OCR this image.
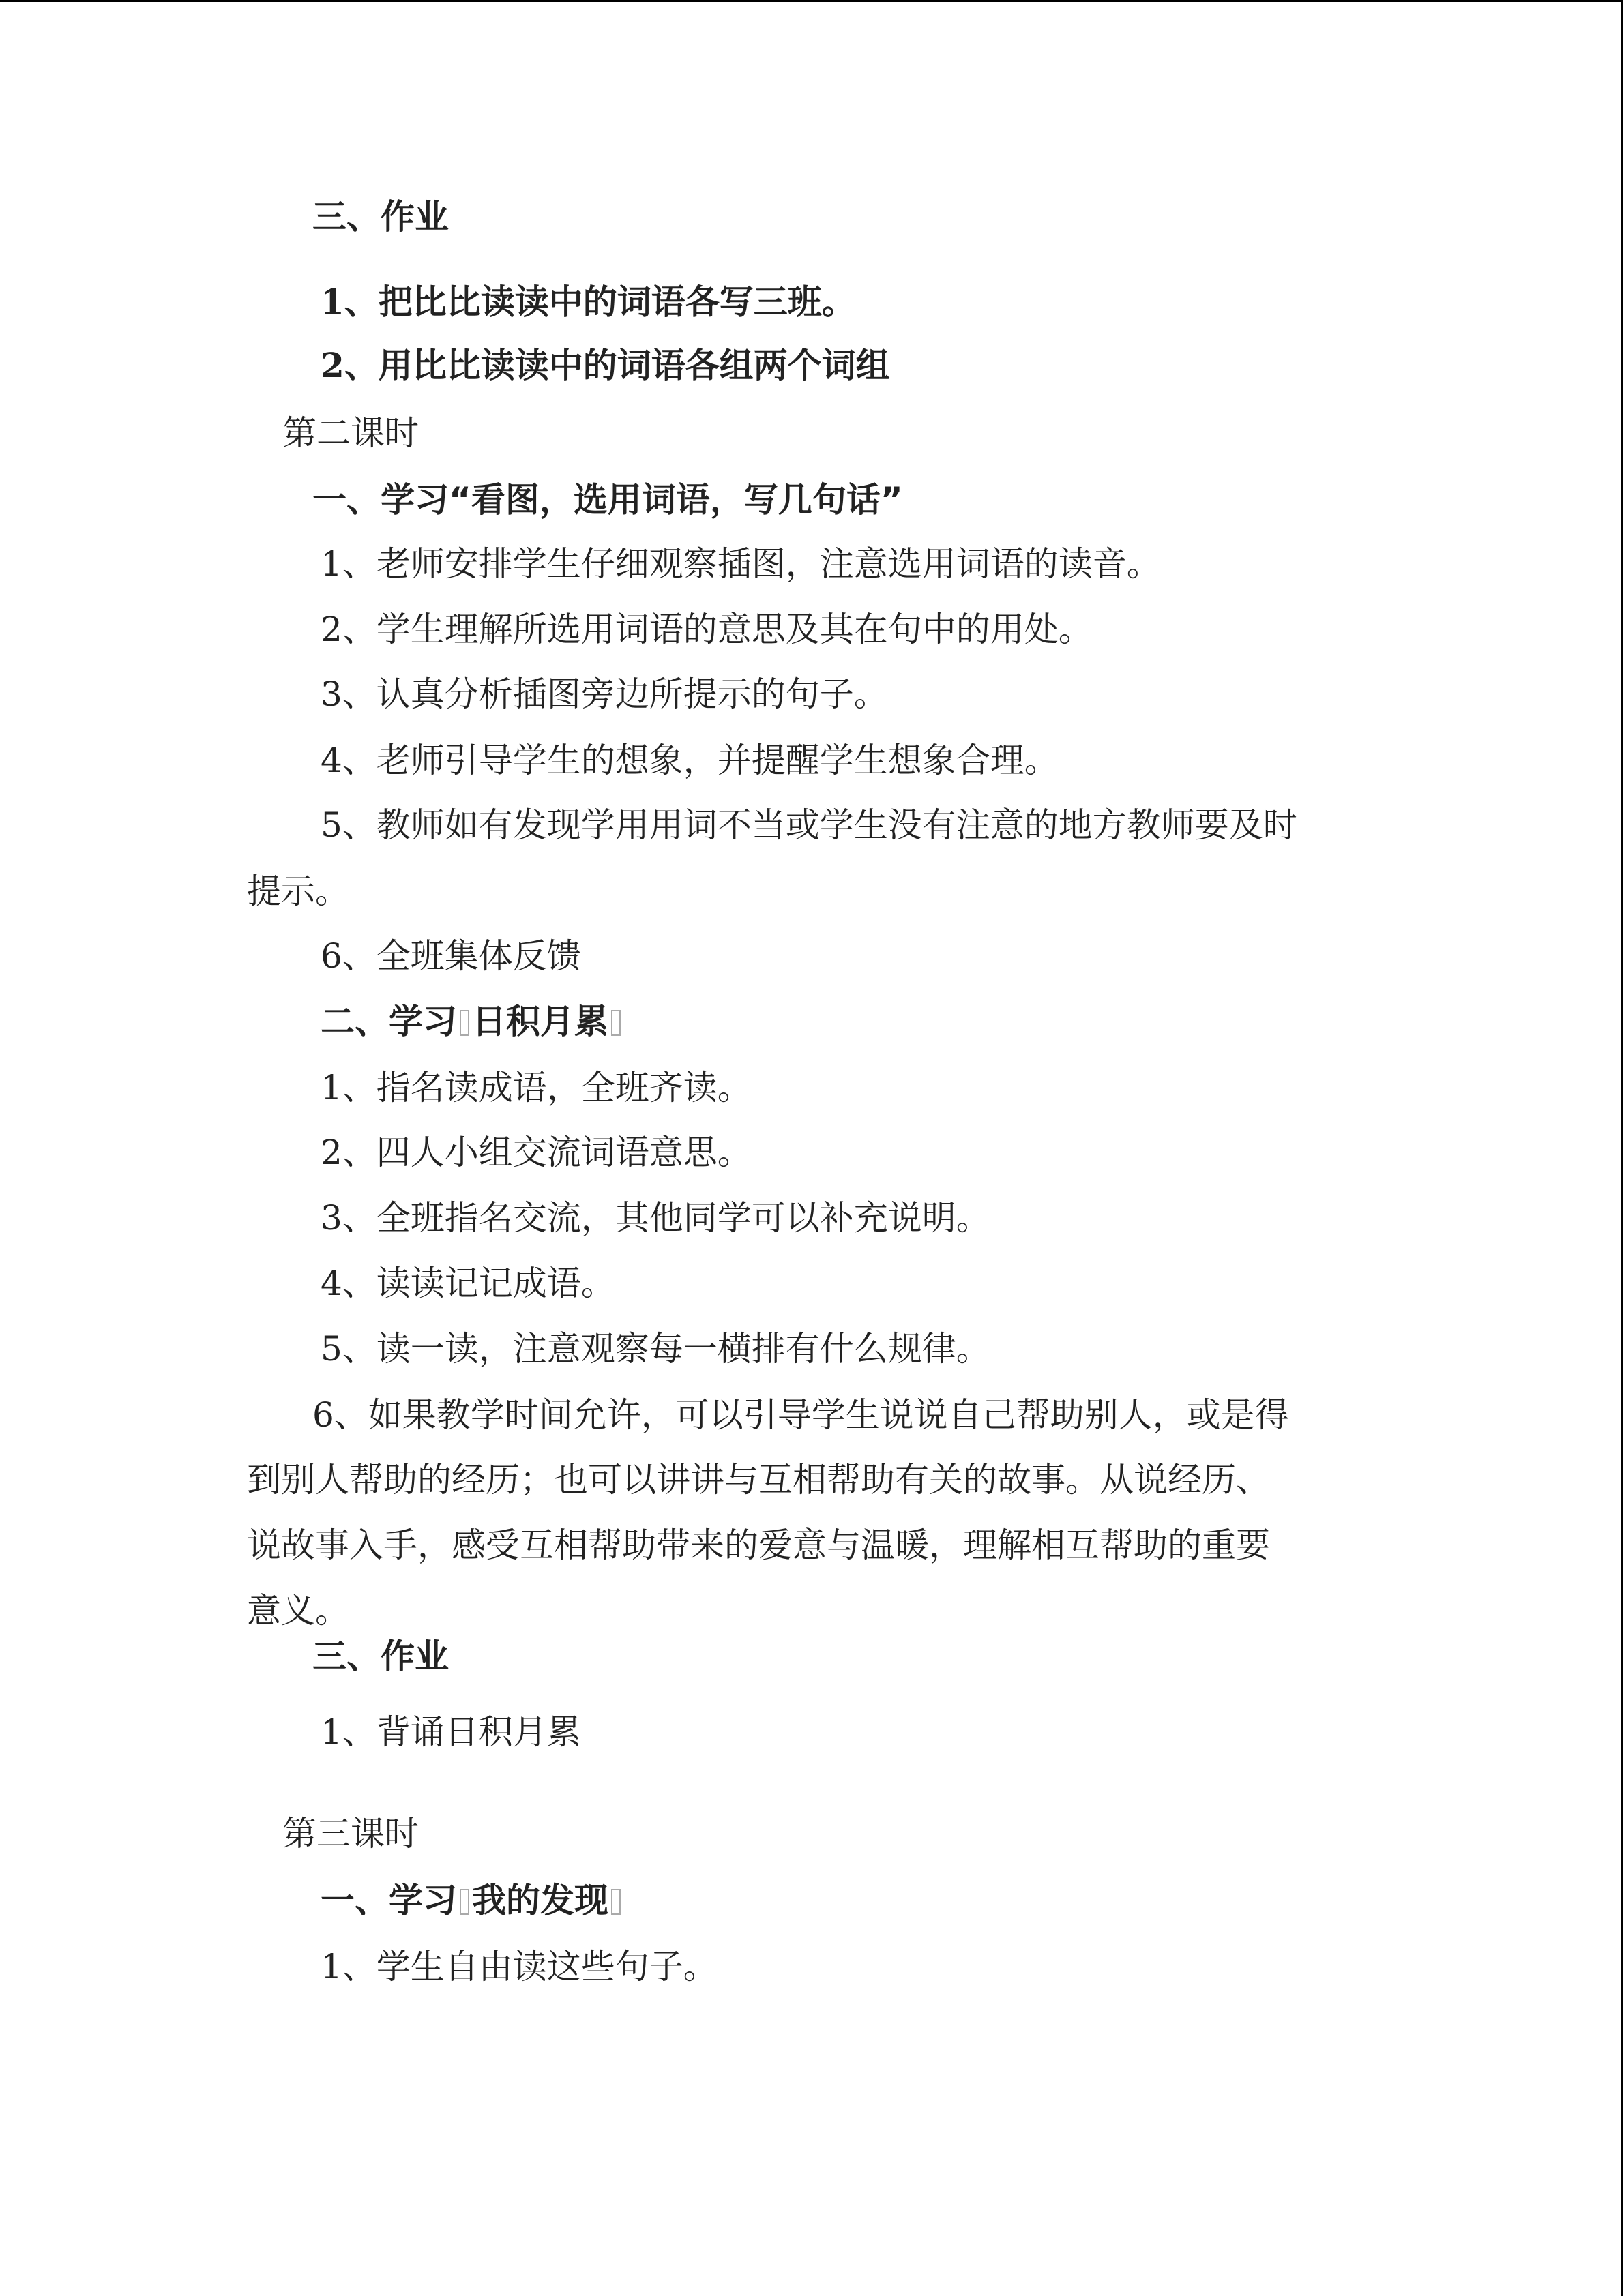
三、作业
1、把比比读读中的词语各写三班。
2、用比比读读中的词语各组两个词组
第二课时
一、学习“看图，选用词语，写几句话”
1、老师安排学生仔细观察插图，注意选用词语的读音。
2、学生理解所选用词语的意思及其在句中的用处。
3、认真分析插图旁边所提示的句子。
4、老师引导学生的想象，并提醒学生想象合理。
5、教师如有发现学用用词不当或学生没有注意的地方教师要及时
提示。
6、全班集体反馈
二、学习 日积月累
1、指名读成语，全班齐读。
2、四人小组交流词语意思。
3、全班指名交流，其他同学可以补充说明。
4、读读记记成语。
5、读一读，注意观察每一横排有什么规律。
6、如果教学时间允许，可以引导学生说说自己帮助别人，或是得
到别人帮助的经历；也可以讲讲与互相帮助有关的故事。从说经历、
说故事入手，感受互相帮助带来的爱意与温暖，理解相互帮助的重要
意义。
三、作业
1、背诵日积月累
第三课时
一、学习 我的发现
1、学生自由读这些句子。
